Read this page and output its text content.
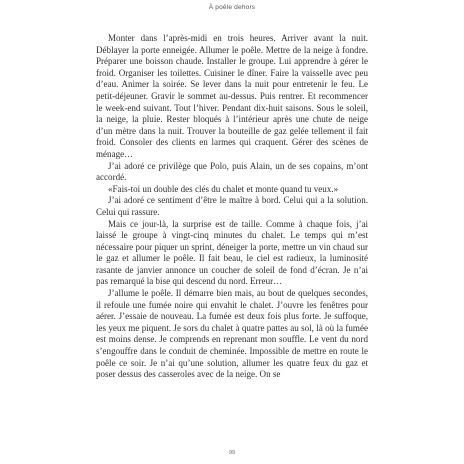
À poêle dehors

Monter dans l’après-midi en trois heures. Arriver avant la nuit. Déblayer la porte enneigée. Allumer le poêle. Mettre de la neige à fondre. Préparer une boisson chaude. Installer le groupe. Lui apprendre à gérer le froid. Organiser les toilettes. Cuisiner le dîner. Faire la vaisselle avec peu d’eau. Animer la soirée. Se lever dans la nuit pour entretenir le feu. Le petit-déjeuner. Gravir le sommet au-dessus. Puis rentrer. Et recommencer le week-end suivant. Tout l’hiver. Pendant dix-huit saisons. Sous le soleil, la neige, la pluie. Rester bloqués à l’intérieur après une chute de neige d’un mètre dans la nuit. Trouver la bouteille de gaz gelée tellement il fait froid. Consoler des clients en larmes qui craquent. Gérer des scènes de ménage…

J’ai adoré ce privilège que Polo, puis Alain, un de ses copains, m’ont accordé.

«Fais-toi un double des clés du chalet et monte quand tu veux.»

J’ai adoré ce sentiment d’être le maître à bord. Celui qui a la solution. Celui qui rassure.

Mais ce jour-là, la surprise est de taille. Comme à chaque fois, j’ai laissé le groupe à vingt-cinq minutes du chalet. Le temps qui m’est nécessaire pour piquer un sprint, déneiger la porte, mettre un vin chaud sur le gaz et allumer le poêle. Il fait beau, le ciel est radieux, la luminosité rasante de janvier annonce un coucher de soleil de fond d’écran. Je n’ai pas remarqué la bise qui descend du nord. Erreur…

J’allume le poêle. Il démarre bien mais, au bout de quelques secondes, il refoule une fumée noire qui envahit le chalet. J’ouvre les fenêtres pour aérer. J’essaie de nouveau. La fumée est deux fois plus forte. Je suffoque, les yeux me piquent. Je sors du chalet à quatre pattes au sol, là où la fumée est moins dense. Je comprends en reprenant mon souffle. Le vent du nord s’engouffre dans le conduit de cheminée. Impossible de mettre en route le poêle ce soir. Je n’ai qu’une solution, allumer les quatre feux du gaz et poser dessus des casseroles avec de la neige. On se

99
